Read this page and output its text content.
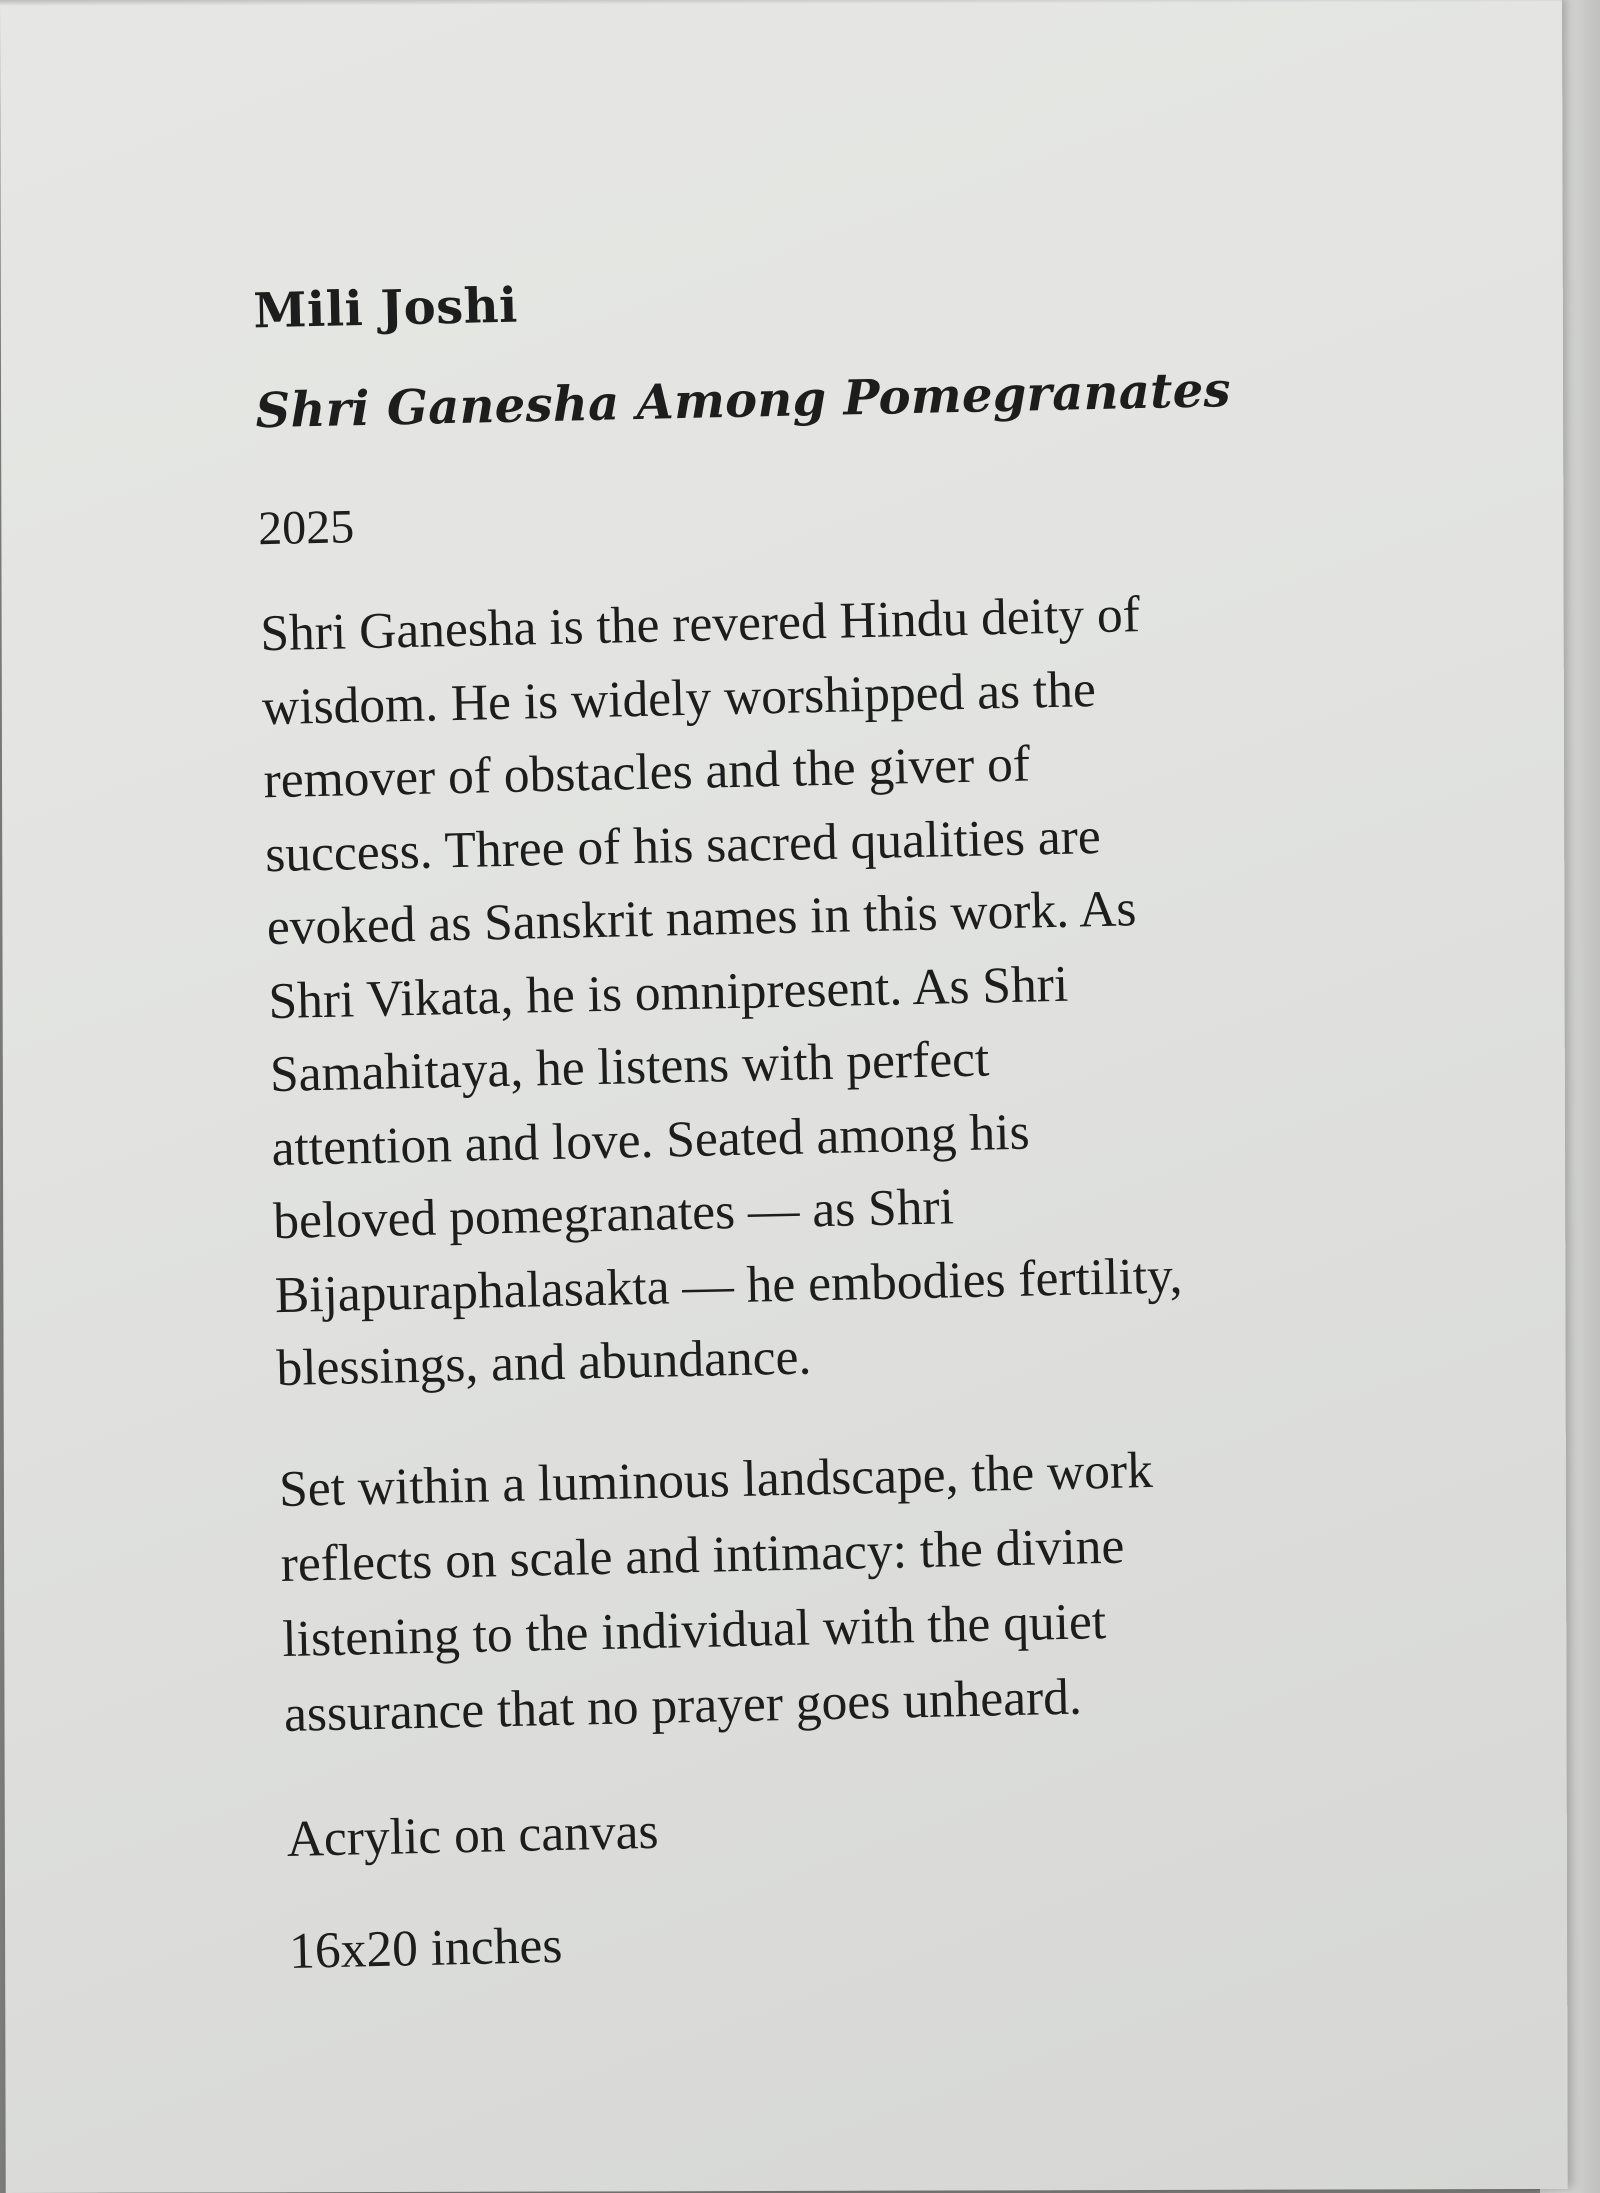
Mili Joshi

Shri Ganesha Among Pomegranates

2025

Shri Ganesha is the revered Hindu deity of
wisdom. He is widely worshipped as the
remover of obstacles and the giver of
success. Three of his sacred qualities are
evoked as Sanskrit names in this work. As
Shri Vikata, he is omnipresent. As Shri
Samahitaya, he listens with perfect
attention and love. Seated among his
beloved pomegranates — as Shri
Bijapuraphalasakta — he embodies fertility,
blessings, and abundance.

Set within a luminous landscape, the work
reflects on scale and intimacy: the divine
listening to the individual with the quiet
assurance that no prayer goes unheard.

Acrylic on canvas

16x20 inches
